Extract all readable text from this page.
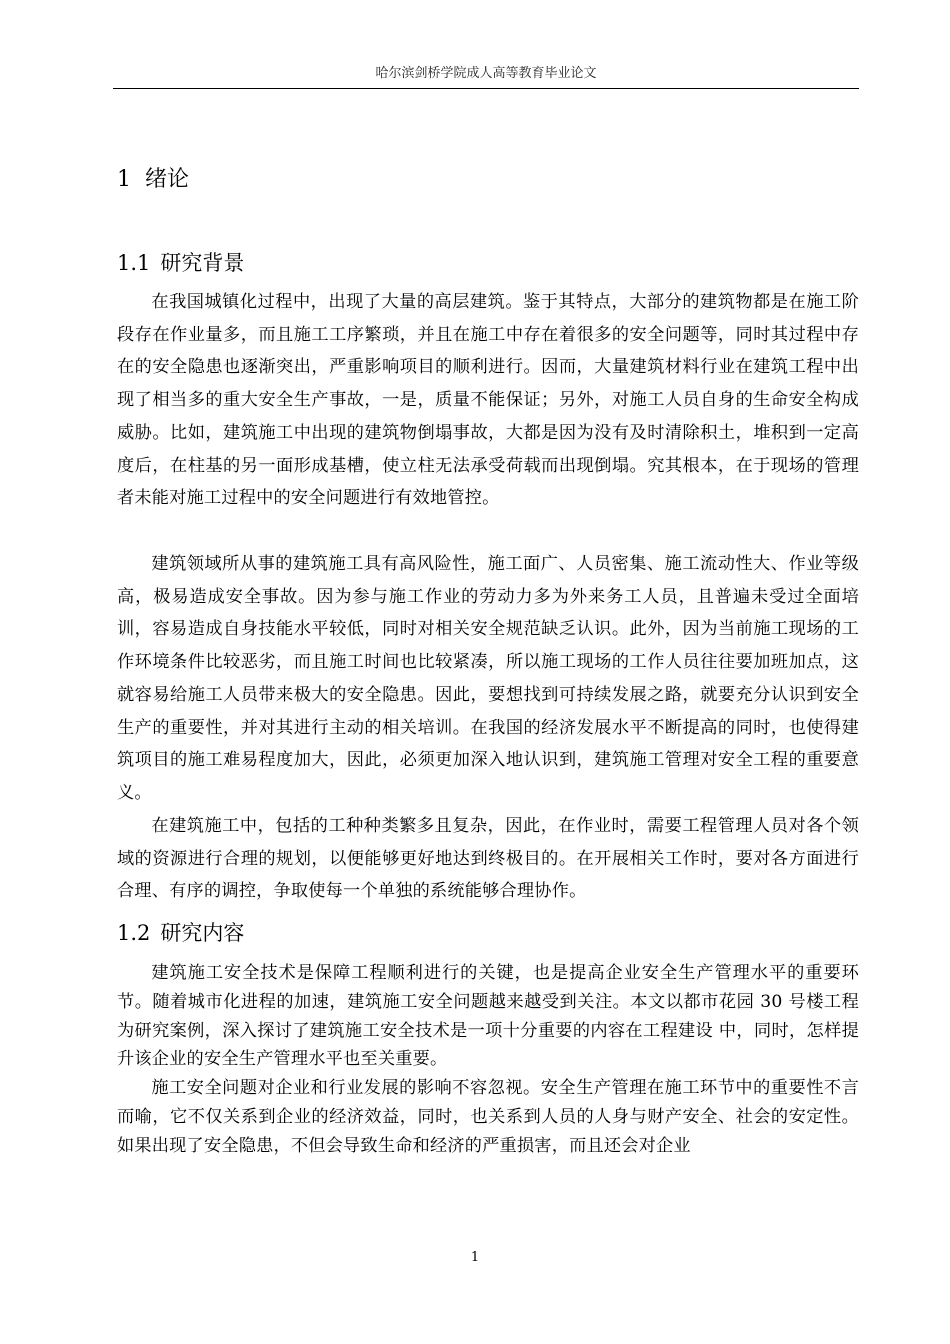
哈尔滨剑桥学院成人高等教育毕业论文
1 绪论
1.1 研究背景

在我国城镇化过程中，出现了大量的高层建筑。鉴于其特点，大部分的建筑物都是在施工阶段存在作业量多，而且施工工序繁琐，并且在施工中存在着很多的安全问题等，同时其过程中存在的安全隐患也逐渐突出，严重影响项目的顺利进行。因而，大量建筑材料行业在建筑工程中出现了相当多的重大安全生产事故，一是，质量不能保证；另外，对施工人员自身的生命安全构成威胁。比如，建筑施工中出现的建筑物倒塌事故，大都是因为没有及时清除积土，堆积到一定高度后，在柱基的另一面形成基槽，使立柱无法承受荷载而出现倒塌。究其根本，在于现场的管理者未能对施工过程中的安全问题进行有效地管控。

建筑领域所从事的建筑施工具有高风险性，施工面广、人员密集、施工流动性大、作业等级高，极易造成安全事故。因为参与施工作业的劳动力多为外来务工人员，且普遍未受过全面培训，容易造成自身技能水平较低，同时对相关安全规范缺乏认识。此外，因为当前施工现场的工作环境条件比较恶劣，而且施工时间也比较紧凑，所以施工现场的工作人员往往要加班加点，这就容易给施工人员带来极大的安全隐患。因此，要想找到可持续发展之路，就要充分认识到安全生产的重要性，并对其进行主动的相关培训。在我国的经济发展水平不断提高的同时，也使得建筑项目的施工难易程度加大，因此，必须更加深入地认识到，建筑施工管理对安全工程的重要意义。

在建筑施工中，包括的工种种类繁多且复杂，因此，在作业时，需要工程管理人员对各个领域的资源进行合理的规划，以便能够更好地达到终极目的。在开展相关工作时，要对各方面进行合理、有序的调控，争取使每一个单独的系统能够合理协作。

1.2 研究内容

建筑施工安全技术是保障工程顺利进行的关键，也是提高企业安全生产管理水平的重要环节。随着城市化进程的加速，建筑施工安全问题越来越受到关注。本文以都市花园 30 号楼工程为研究案例，深入探讨了建筑施工安全技术是一项十分重要的内容在工程建设 中，同时，怎样提升该企业的安全生产管理水平也至关重要。

施工安全问题对企业和行业发展的影响不容忽视。安全生产管理在施工环节中的重要性不言而喻，它不仅关系到企业的经济效益，同时，也关系到人员的人身与财产安全、社会的安定性。如果出现了安全隐患，不但会导致生命和经济的严重损害，而且还会对企业

1
